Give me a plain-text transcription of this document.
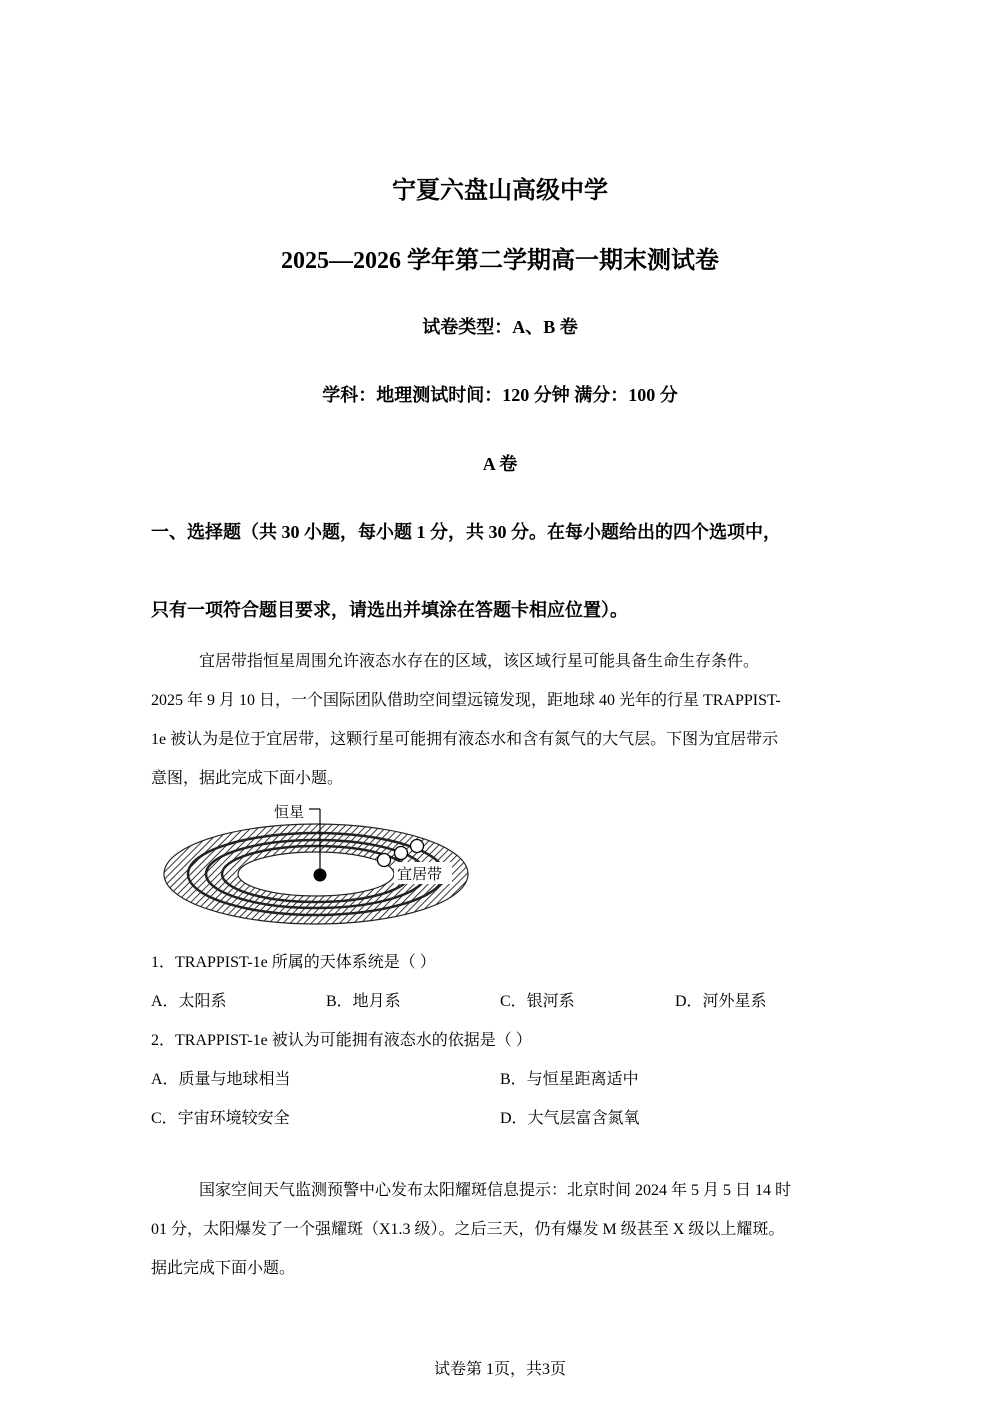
宁夏六盘山高级中学
2025—2026 学年第二学期高一期末测试卷
试卷类型：A、B 卷
学科：地理测试时间：120 分钟 满分：100 分
A 卷
一、选择题（共 30 小题，每小题 1 分，共 30 分。在每小题给出的四个选项中，
只有一项符合题目要求，请选出并填涂在答题卡相应位置）。
宜居带指恒星周围允许液态水存在的区域，该区域行星可能具备生命生存条件。
2025 年 9 月 10 日，一个国际团队借助空间望远镜发现，距地球 40 光年的行星 TRAPPIST-
1e 被认为是位于宜居带，这颗行星可能拥有液态水和含有氮气的大气层。下图为宜居带示
意图，据此完成下面小题。
恒星
宜居带
1．TRAPPIST-1e 所属的天体系统是（ ）
A．太阳系	B．地月系	C．银河系	D．河外星系
2．TRAPPIST-1e 被认为可能拥有液态水的依据是（ ）
A．质量与地球相当	B．与恒星距离适中
C．宇宙环境较安全	D．大气层富含氮氧
国家空间天气监测预警中心发布太阳耀斑信息提示：北京时间 2024 年 5 月 5 日 14 时
01 分，太阳爆发了一个强耀斑（X1.3 级）。之后三天，仍有爆发 M 级甚至 X 级以上耀斑。
据此完成下面小题。
试卷第 1页，共3页
